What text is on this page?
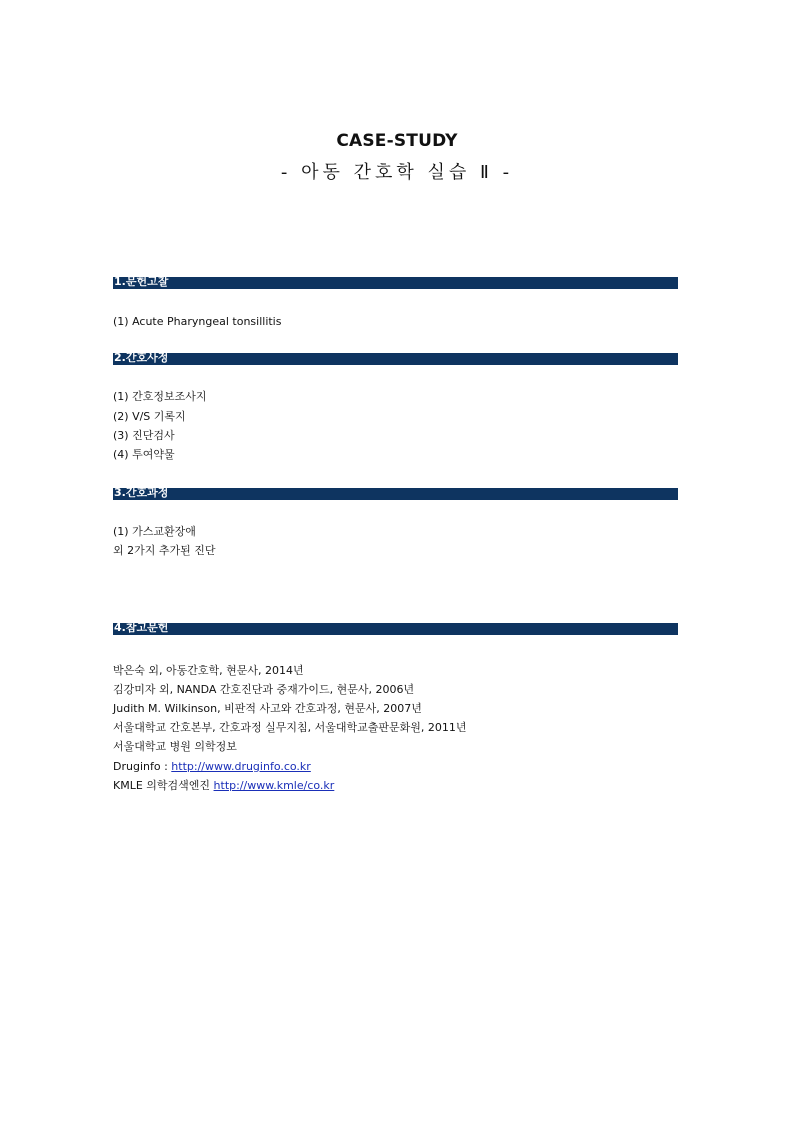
CASE-STUDY
- 아동 간호학 실습 Ⅱ -
1.문헌고찰
(1) Acute Pharyngeal tonsillitis
2.간호사정
(1) 간호정보조사지
(2) V/S 기록지
(3) 진단검사
(4) 투여약물
3.간호과정
(1) 가스교환장애
외 2가지 추가된 진단
4.참고문헌
박은숙 외, 아동간호학, 현문사, 2014년
김강미자 외, NANDA 간호진단과 중재가이드, 현문사, 2006년
Judith M. Wilkinson, 비판적 사고와 간호과정, 현문사, 2007년
서울대학교 간호본부, 간호과정 실무지침, 서울대학교출판문화원, 2011년
서울대학교 병원 의학정보
Druginfo : http://www.druginfo.co.kr
KMLE 의학검색엔진 http://www.kmle/co.kr
